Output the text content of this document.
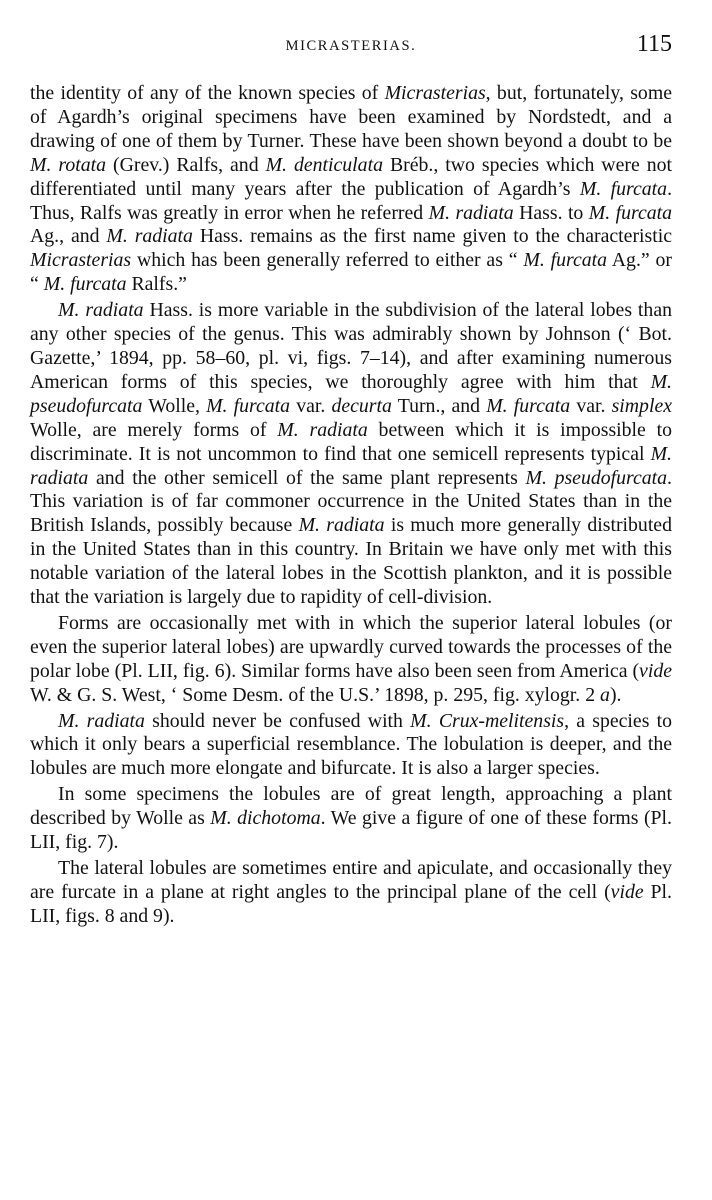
MICRASTERIAS.	115

the identity of any of the known species of Micrasterias, but, fortunately, some of Agardh’s original specimens have been examined by Nordstedt, and a drawing of one of them by Turner. These have been shown beyond a doubt to be M. rotata (Grev.) Ralfs, and M. denticulata Bréb., two species which were not differentiated until many years after the publication of Agardh’s M. furcata. Thus, Ralfs was greatly in error when he referred M. radiata Hass. to M. furcata Ag., and M. radiata Hass. remains as the first name given to the characteristic Micrasterias which has been generally referred to either as “ M. furcata Ag.” or “ M. furcata Ralfs.”

M. radiata Hass. is more variable in the subdivision of the lateral lobes than any other species of the genus. This was admirably shown by Johnson (‘ Bot. Gazette,’ 1894, pp. 58–60, pl. vi, figs. 7–14), and after examining numerous American forms of this species, we thoroughly agree with him that M. pseudofurcata Wolle, M. furcata var. decurta Turn., and M. furcata var. simplex Wolle, are merely forms of M. radiata between which it is impossible to discriminate. It is not uncommon to find that one semicell represents typical M. radiata and the other semicell of the same plant represents M. pseudofurcata. This variation is of far commoner occurrence in the United States than in the British Islands, possibly because M. radiata is much more generally distributed in the United States than in this country. In Britain we have only met with this notable variation of the lateral lobes in the Scottish plankton, and it is possible that the variation is largely due to rapidity of cell-division.

Forms are occasionally met with in which the superior lateral lobules (or even the superior lateral lobes) are upwardly curved towards the processes of the polar lobe (Pl. LII, fig. 6). Similar forms have also been seen from America (vide W. & G. S. West, ‘ Some Desm. of the U.S.’ 1898, p. 295, fig. xylogr. 2 a).

M. radiata should never be confused with M. Crux-melitensis, a species to which it only bears a superficial resemblance. The lobulation is deeper, and the lobules are much more elongate and bifurcate. It is also a larger species.

In some specimens the lobules are of great length, approaching a plant described by Wolle as M. dichotoma. We give a figure of one of these forms (Pl. LII, fig. 7).

The lateral lobules are sometimes entire and apiculate, and occasionally they are furcate in a plane at right angles to the principal plane of the cell (vide Pl. LII, figs. 8 and 9).
